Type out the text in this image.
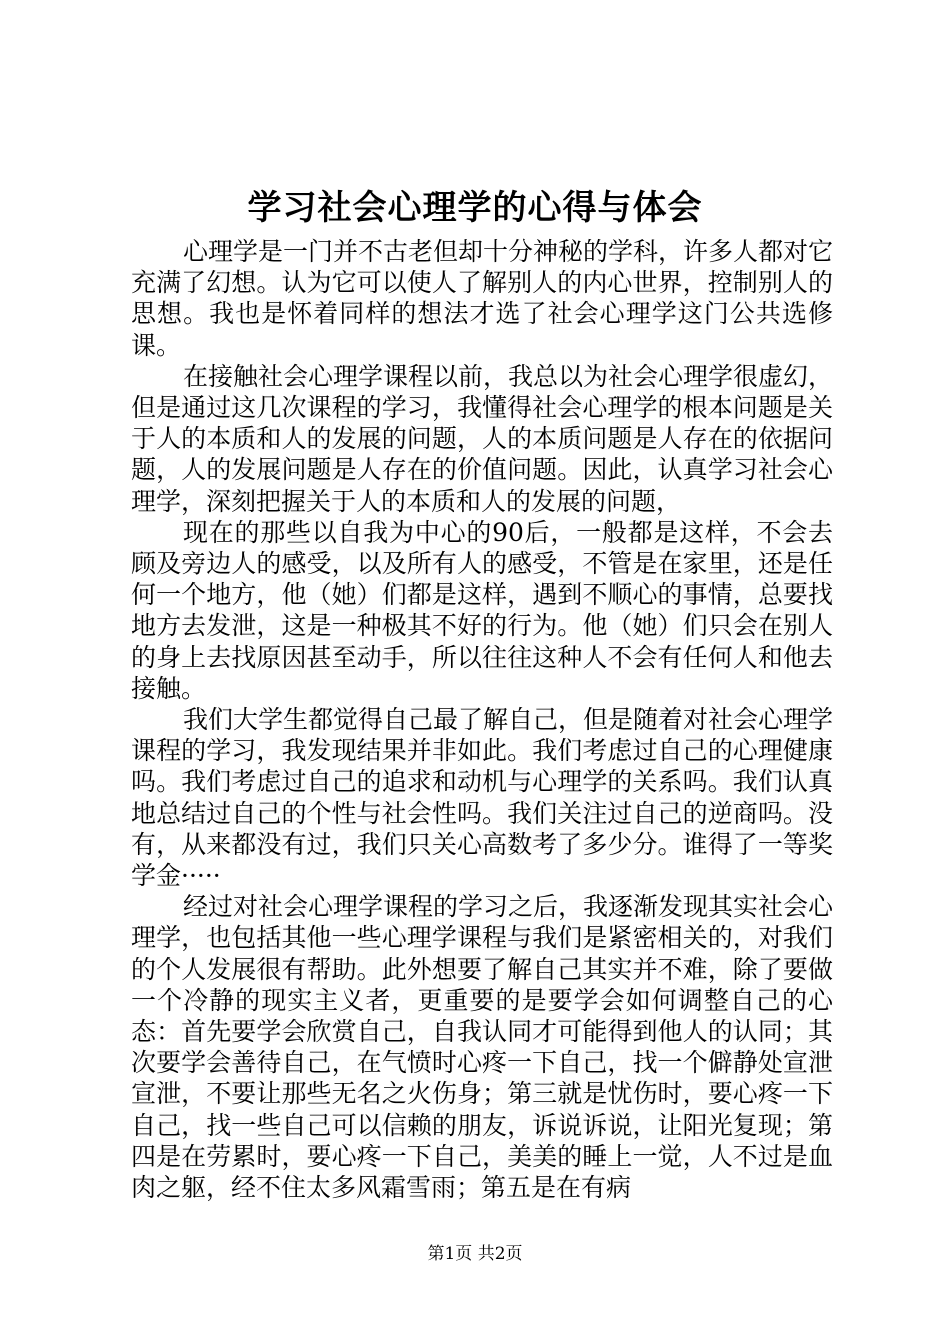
学习社会心理学的心得与体会

心理学是一门并不古老但却十分神秘的学科，许多人都对它充满了幻想。认为它可以使人了解别人的内心世界，控制别人的思想。我也是怀着同样的想法才选了社会心理学这门公共选修课。

在接触社会心理学课程以前，我总以为社会心理学很虚幻，但是通过这几次课程的学习，我懂得社会心理学的根本问题是关于人的本质和人的发展的问题，人的本质问题是人存在的依据问题，人的发展问题是人存在的价值问题。因此，认真学习社会心理学，深刻把握关于人的本质和人的发展的问题，

现在的那些以自我为中心的90后，一般都是这样，不会去顾及旁边人的感受，以及所有人的感受，不管是在家里，还是任何一个地方，他（她）们都是这样，遇到不顺心的事情，总要找地方去发泄，这是一种极其不好的行为。他（她）们只会在别人的身上去找原因甚至动手，所以往往这种人不会有任何人和他去接触。

我们大学生都觉得自己最了解自己，但是随着对社会心理学课程的学习，我发现结果并非如此。我们考虑过自己的心理健康吗。我们考虑过自己的追求和动机与心理学的关系吗。我们认真地总结过自己的个性与社会性吗。我们关注过自己的逆商吗。没有，从来都没有过，我们只关心高数考了多少分。谁得了一等奖学金·····

经过对社会心理学课程的学习之后，我逐渐发现其实社会心理学，也包括其他一些心理学课程与我们是紧密相关的，对我们的个人发展很有帮助。此外想要了解自己其实并不难，除了要做一个冷静的现实主义者，更重要的是要学会如何调整自己的心态：首先要学会欣赏自己，自我认同才可能得到他人的认同；其次要学会善待自己，在气愤时心疼一下自己，找一个僻静处宣泄宣泄，不要让那些无名之火伤身；第三就是忧伤时，要心疼一下自己，找一些自己可以信赖的朋友，诉说诉说，让阳光复现；第四是在劳累时，要心疼一下自己，美美的睡上一觉，人不过是血肉之躯，经不住太多风霜雪雨；第五是在有病

第1页 共2页
